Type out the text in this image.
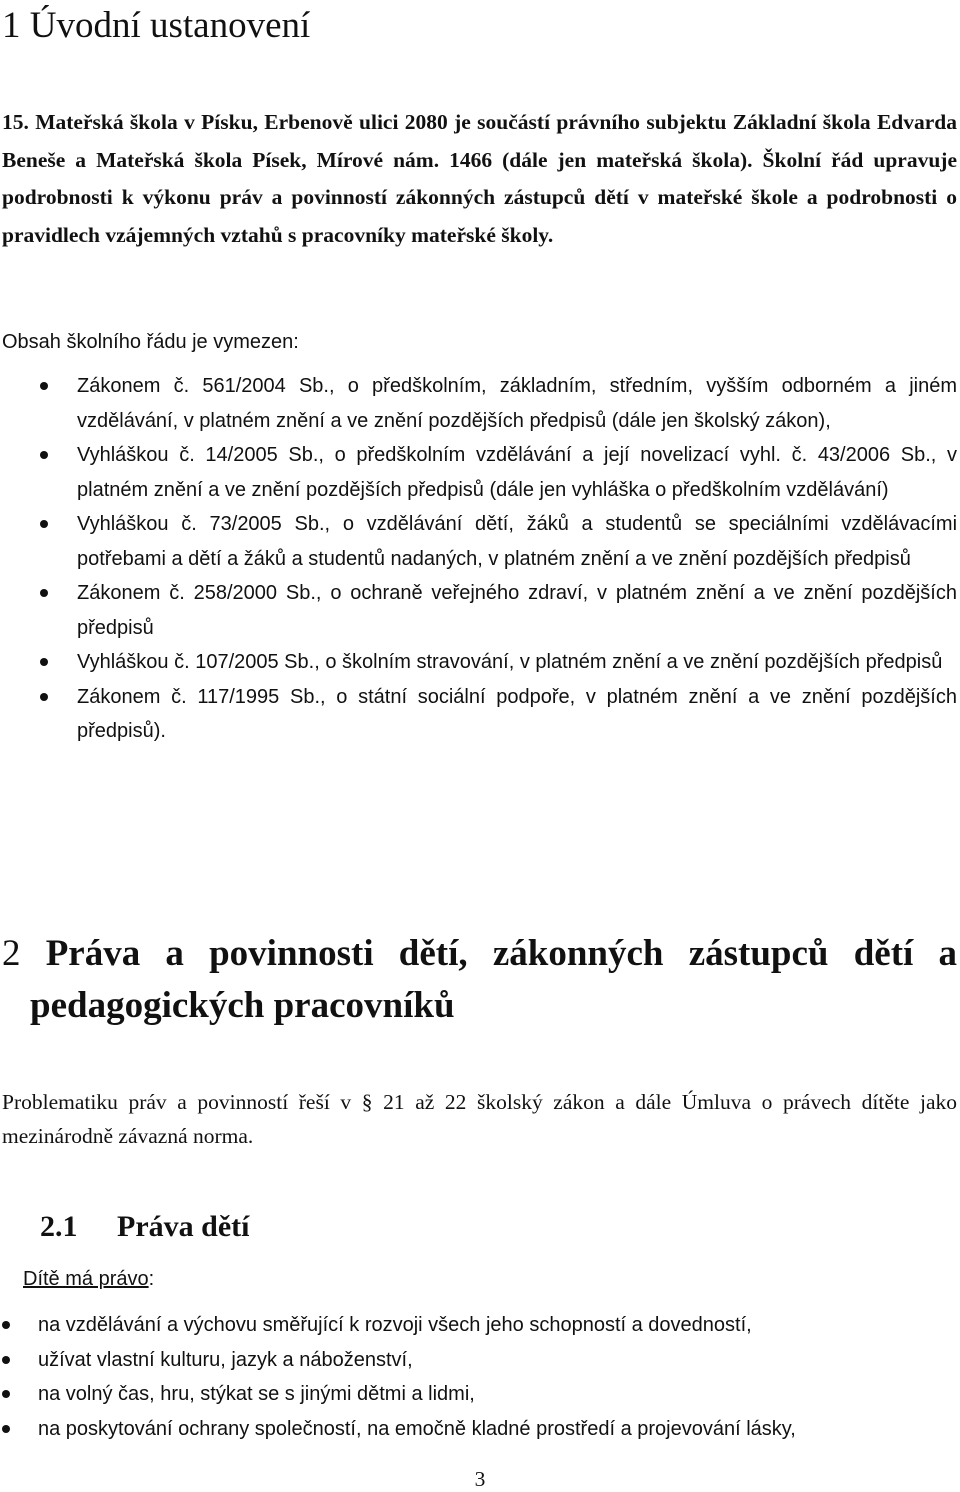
1 Úvodní ustanovení

15. Mateřská škola v Písku, Erbenově ulici 2080 je součástí právního subjektu Základní škola Edvarda Beneše a Mateřská škola Písek, Mírové nám. 1466 (dále jen mateřská škola). Školní řád upravuje podrobnosti k výkonu práv a povinností zákonných zástupců dětí v mateřské škole a podrobnosti o pravidlech vzájemných vztahů s pracovníky mateřské školy.

Obsah školního řádu je vymezen:

Zákonem č. 561/2004 Sb., o předškolním, základním, středním, vyšším odborném a jiném vzdělávání, v platném znění a ve znění pozdějších předpisů (dále jen školský zákon),
Vyhláškou č. 14/2005 Sb., o předškolním vzdělávání a její novelizací vyhl. č. 43/2006 Sb., v platném znění a ve znění pozdějších předpisů (dále jen vyhláška o předškolním vzdělávání)
Vyhláškou č. 73/2005 Sb., o vzdělávání dětí, žáků a studentů se speciálními vzdělávacími potřebami a dětí a žáků a studentů nadaných, v platném znění a ve znění pozdějších předpisů
Zákonem č. 258/2000 Sb., o ochraně veřejného zdraví, v platném znění a ve znění pozdějších předpisů
Vyhláškou č. 107/2005 Sb., o školním stravování, v platném znění a ve znění pozdějších předpisů
Zákonem č. 117/1995 Sb., o státní sociální podpoře, v platném znění a ve znění pozdějších předpisů).
2 Práva a povinnosti dětí, zákonných zástupců dětí a
pedagogických pracovníků

Problematiku práv a povinností řeší v § 21 až 22 školský zákon a dále Úmluva o právech dítěte jako mezinárodně závazná norma.

2.1 Práva dětí

Dítě má právo:

na vzdělávání a výchovu směřující k rozvoji všech jeho schopností a dovedností,
užívat vlastní kulturu, jazyk a náboženství,
na volný čas, hru, stýkat se s jinými dětmi a lidmi,
na poskytování ochrany společností, na emočně kladné prostředí a projevování lásky,

3
